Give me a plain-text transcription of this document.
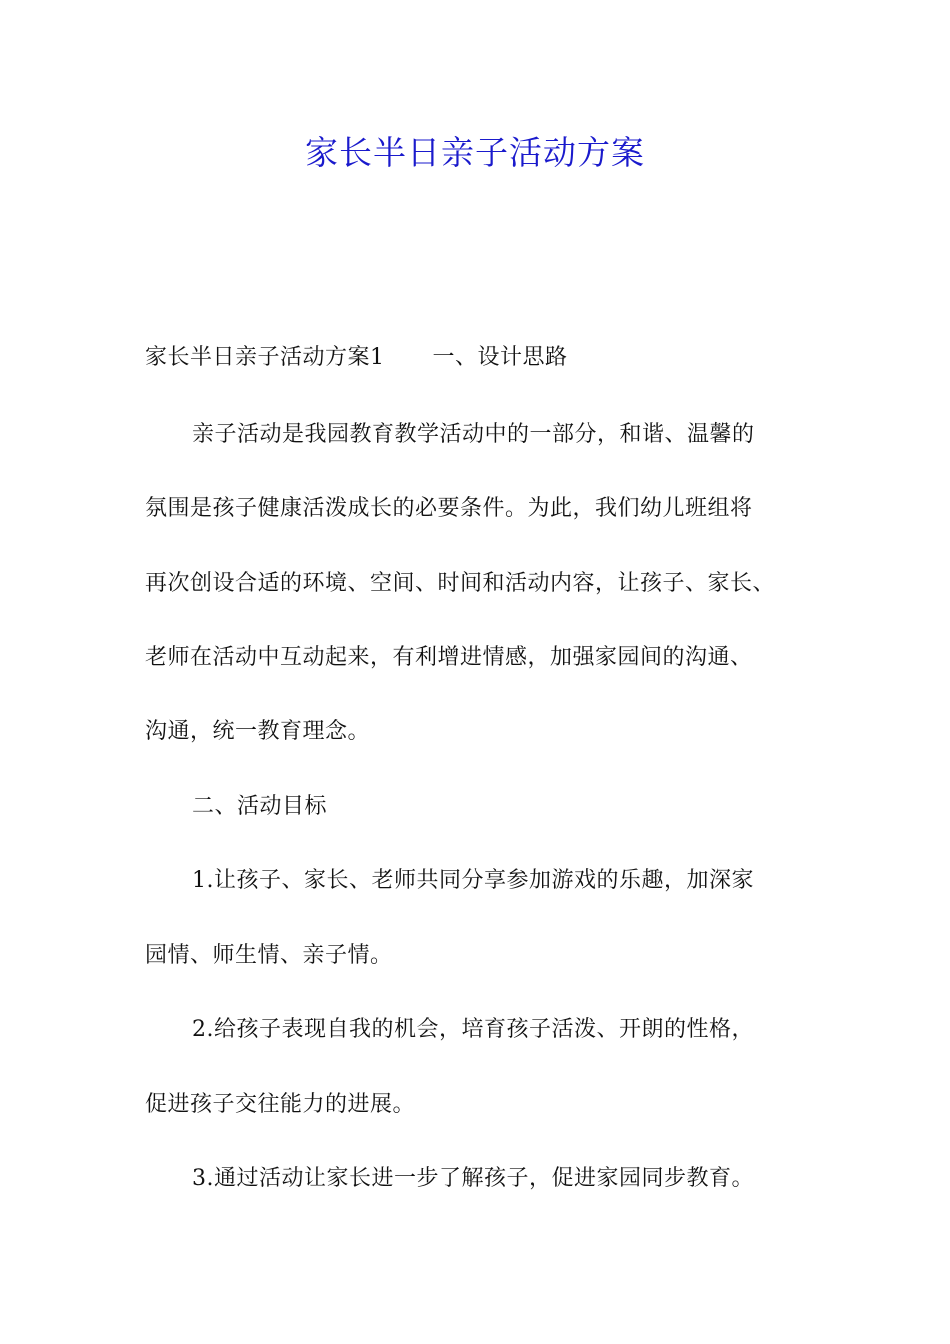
家长半日亲子活动方案
家长半日亲子活动方案1 一、设计思路
亲子活动是我园教育教学活动中的一部分，和谐、温馨的
氛围是孩子健康活泼成长的必要条件。为此，我们幼儿班组将
再次创设合适的环境、空间、时间和活动内容，让孩子、家长、
老师在活动中互动起来，有利增进情感，加强家园间的沟通、
沟通，统一教育理念。
二、活动目标
1.让孩子、家长、老师共同分享参加游戏的乐趣，加深家
园情、师生情、亲子情。
2.给孩子表现自我的机会，培育孩子活泼、开朗的性格，
促进孩子交往能力的进展。
3.通过活动让家长进一步了解孩子，促进家园同步教育。
